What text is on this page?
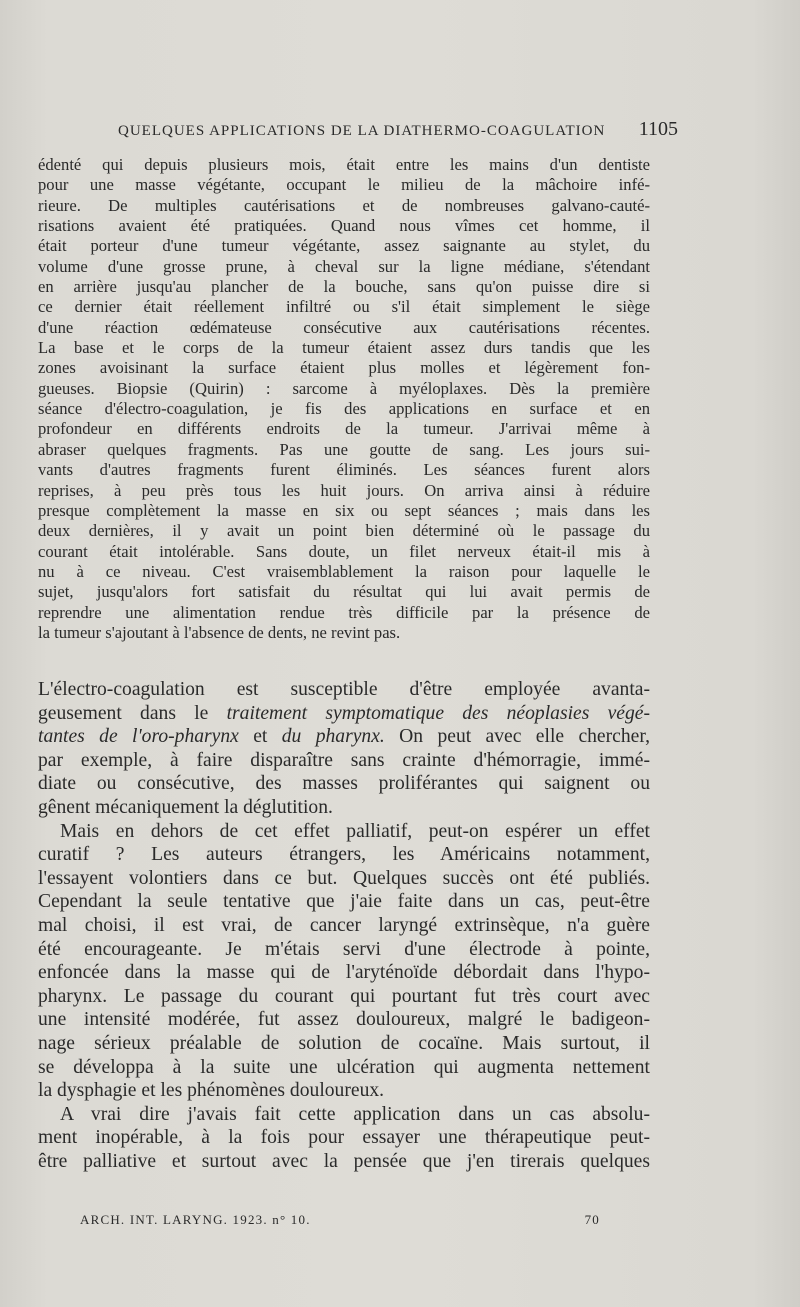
QUELQUES APPLICATIONS DE LA DIATHERMO-COAGULATION 1105
édenté qui depuis plusieurs mois, était entre les mains d'un dentiste
pour une masse végétante, occupant le milieu de la mâchoire infé-
rieure. De multiples cautérisations et de nombreuses galvano-cauté-
risations avaient été pratiquées. Quand nous vîmes cet homme, il
était porteur d'une tumeur végétante, assez saignante au stylet, du
volume d'une grosse prune, à cheval sur la ligne médiane, s'étendant
en arrière jusqu'au plancher de la bouche, sans qu'on puisse dire si
ce dernier était réellement infiltré ou s'il était simplement le siège
d'une réaction œdémateuse consécutive aux cautérisations récentes.
La base et le corps de la tumeur étaient assez durs tandis que les
zones avoisinant la surface étaient plus molles et légèrement fon-
gueuses. Biopsie (Quirin) : sarcome à myéloplaxes. Dès la première
séance d'électro-coagulation, je fis des applications en surface et en
profondeur en différents endroits de la tumeur. J'arrivai même à
abraser quelques fragments. Pas une goutte de sang. Les jours sui-
vants d'autres fragments furent éliminés. Les séances furent alors
reprises, à peu près tous les huit jours. On arriva ainsi à réduire
presque complètement la masse en six ou sept séances ; mais dans les
deux dernières, il y avait un point bien déterminé où le passage du
courant était intolérable. Sans doute, un filet nerveux était-il mis à
nu à ce niveau. C'est vraisemblablement la raison pour laquelle le
sujet, jusqu'alors fort satisfait du résultat qui lui avait permis de
reprendre une alimentation rendue très difficile par la présence de
la tumeur s'ajoutant à l'absence de dents, ne revint pas.
L'électro-coagulation est susceptible d'être employée avanta-
geusement dans le traitement symptomatique des néoplasies végé-
tantes de l'oro-pharynx et du pharynx. On peut avec elle chercher,
par exemple, à faire disparaître sans crainte d'hémorragie, immé-
diate ou consécutive, des masses proliférantes qui saignent ou
gênent mécaniquement la déglutition.
Mais en dehors de cet effet palliatif, peut-on espérer un effet
curatif ? Les auteurs étrangers, les Américains notamment,
l'essayent volontiers dans ce but. Quelques succès ont été publiés.
Cependant la seule tentative que j'aie faite dans un cas, peut-être
mal choisi, il est vrai, de cancer laryngé extrinsèque, n'a guère
été encourageante. Je m'étais servi d'une électrode à pointe,
enfoncée dans la masse qui de l'aryténoïde débordait dans l'hypo-
pharynx. Le passage du courant qui pourtant fut très court avec
une intensité modérée, fut assez douloureux, malgré le badigeon-
nage sérieux préalable de solution de cocaïne. Mais surtout, il
se développa à la suite une ulcération qui augmenta nettement
la dysphagie et les phénomènes douloureux.
A vrai dire j'avais fait cette application dans un cas absolu-
ment inopérable, à la fois pour essayer une thérapeutique peut-
être palliative et surtout avec la pensée que j'en tirerais quelques
ARCH. INT. LARYNG. 1923. n° 10.	70
